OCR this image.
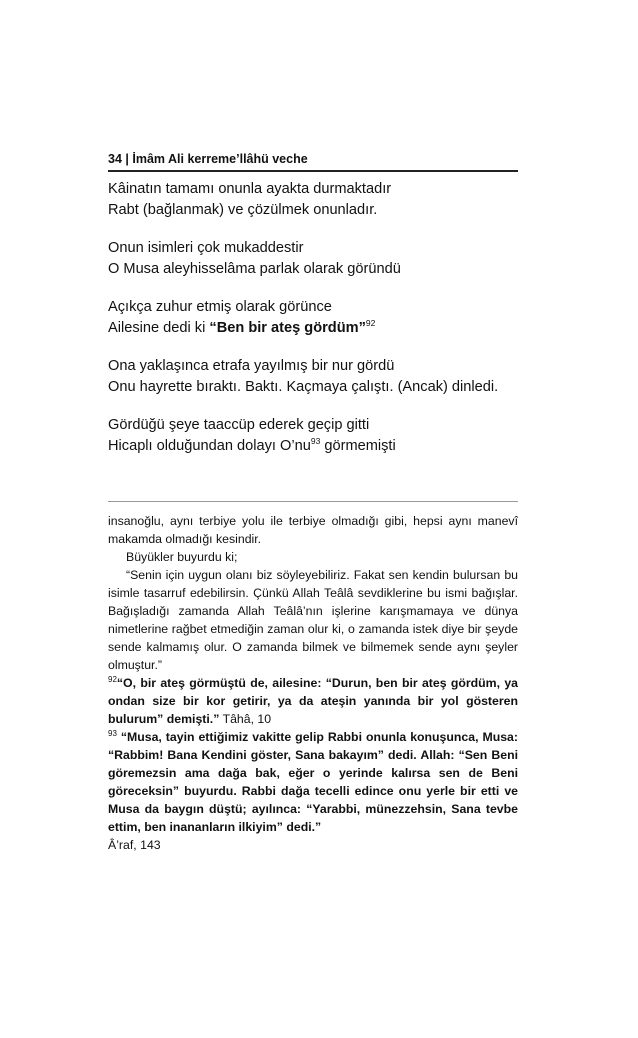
34 | İmâm Ali kerreme’llâhü veche
Kâinatın tamamı onunla ayakta durmaktadır
Rabt (bağlanmak) ve çözülmek onunladır.
Onun isimleri çok mukaddestir
O Musa aleyhisselâma parlak olarak göründü
Açıkça zuhur etmiş olarak görünce
Ailesine dedi ki “Ben bir ateş gördüm”$^{92}$
Ona yaklaşınca etrafa yayılmış bir nur gördü
Onu hayrette bıraktı. Baktı. Kaçmaya çalıştı. (Ancak) dinledi.
Gördüğü şeye taaccüp ederek geçip gitti
Hicaplı olduğundan dolayı $O’nu^{93}$ görmemişti

insanoğlu, aynı terbiye yolu ile terbiye olmadığı gibi, hepsi aynı manevî makamda olmadığı kesindir.

Büyükler buyurdu ki;

“Senin için uygun olanı biz söyleyebiliriz. Fakat sen kendin bulursan bu isimle tasarruf edebilirsin. Çünkü Allah Teâlâ sevdiklerine bu ismi bağışlar. Bağışladığı zamanda Allah Teâlâ’nın işlerine karışmamaya ve dünya nimetlerine rağbet etmediğin zaman olur ki, o zamanda istek diye bir şeyde sende kalmamış olur. O zamanda bilmek ve bilmemek sende aynı şeyler olmuştur.”

$^{92}$“O, bir ateş görmüştü de, ailesine: “Durun, ben bir ateş gördüm, ya ondan size bir kor getirir, ya da ateşin yanında bir yol gösteren bulurum” demişti.” Tâhâ, 10

$^{93}$ “Musa, tayin ettiğimiz vakitte gelip Rabbi onunla konuşunca, Musa: “Rabbim! Bana Kendini göster, Sana bakayım” dedi. Allah: “Sen Beni göremezsin ama dağa bak, eğer o yerinde kalırsa sen de Beni göreceksin” buyurdu. Rabbi dağa tecelli edince onu yerle bir etti ve Musa da baygın düştü; ayılınca: “Yarabbi, münezzehsin, Sana tevbe ettim, ben inananların ilkiyim” dedi.”

Â’raf, 143
